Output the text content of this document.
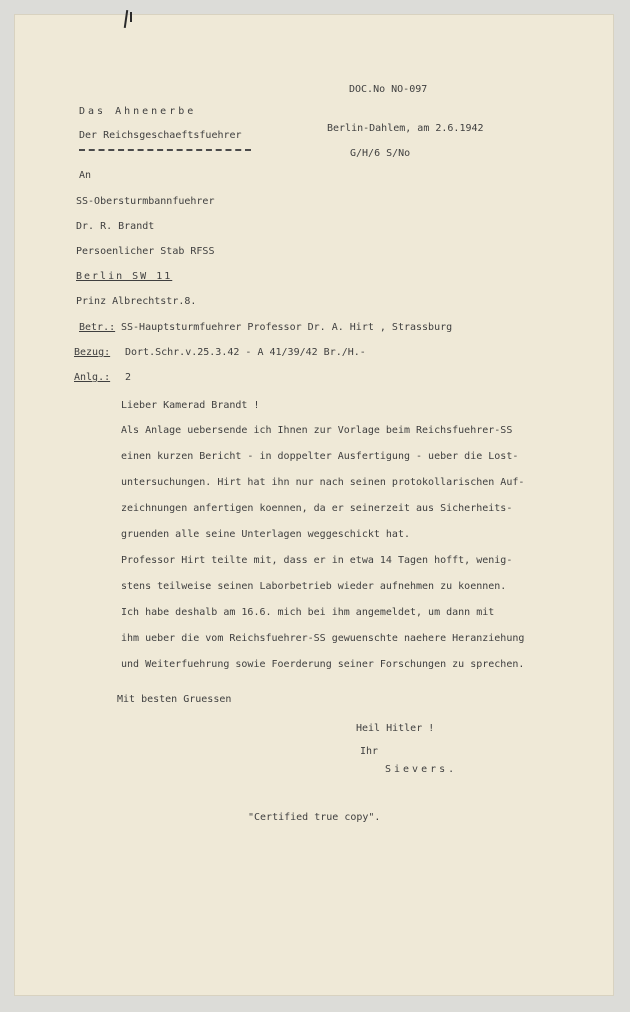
DOC.No NO-097
Das Ahnenerbe
Der Reichsgeschaeftsfuehrer
Berlin-Dahlem, am 2.6.1942
G/H/6 S/No
An
SS-Obersturmbannfuehrer
Dr. R. Brandt
Persoenlicher Stab RFSS
Berlin SW 11
Prinz Albrechtstr.8.
Betr.: SS-Hauptsturmfuehrer Professor Dr. A. Hirt , Strassburg
Bezug: Dort.Schr.v.25.3.42 - A 41/39/42 Br./H.-
Anlg.: 2
Lieber Kamerad Brandt !
Als Anlage uebersende ich Ihnen zur Vorlage beim Reichsfuehrer-SS
einen kurzen Bericht - in doppelter Ausfertigung - ueber die Lost-
untersuchungen. Hirt hat ihn nur nach seinen protokollarischen Auf-
zeichnungen anfertigen koennen, da er seinerzeit aus Sicherheits-
gruenden alle seine Unterlagen weggeschickt hat.
Professor Hirt teilte mit, dass er in etwa 14 Tagen hofft, wenig-
stens teilweise seinen Laborbetrieb wieder aufnehmen zu koennen.
Ich habe deshalb am 16.6. mich bei ihm angemeldet, um dann mit
ihm ueber die vom Reichsfuehrer-SS gewuenschte naehere Heranziehung
und Weiterfuehrung sowie Foerderung seiner Forschungen zu sprechen.
Mit besten Gruessen
Heil Hitler !
Ihr
Sievers.
"Certified true copy".
